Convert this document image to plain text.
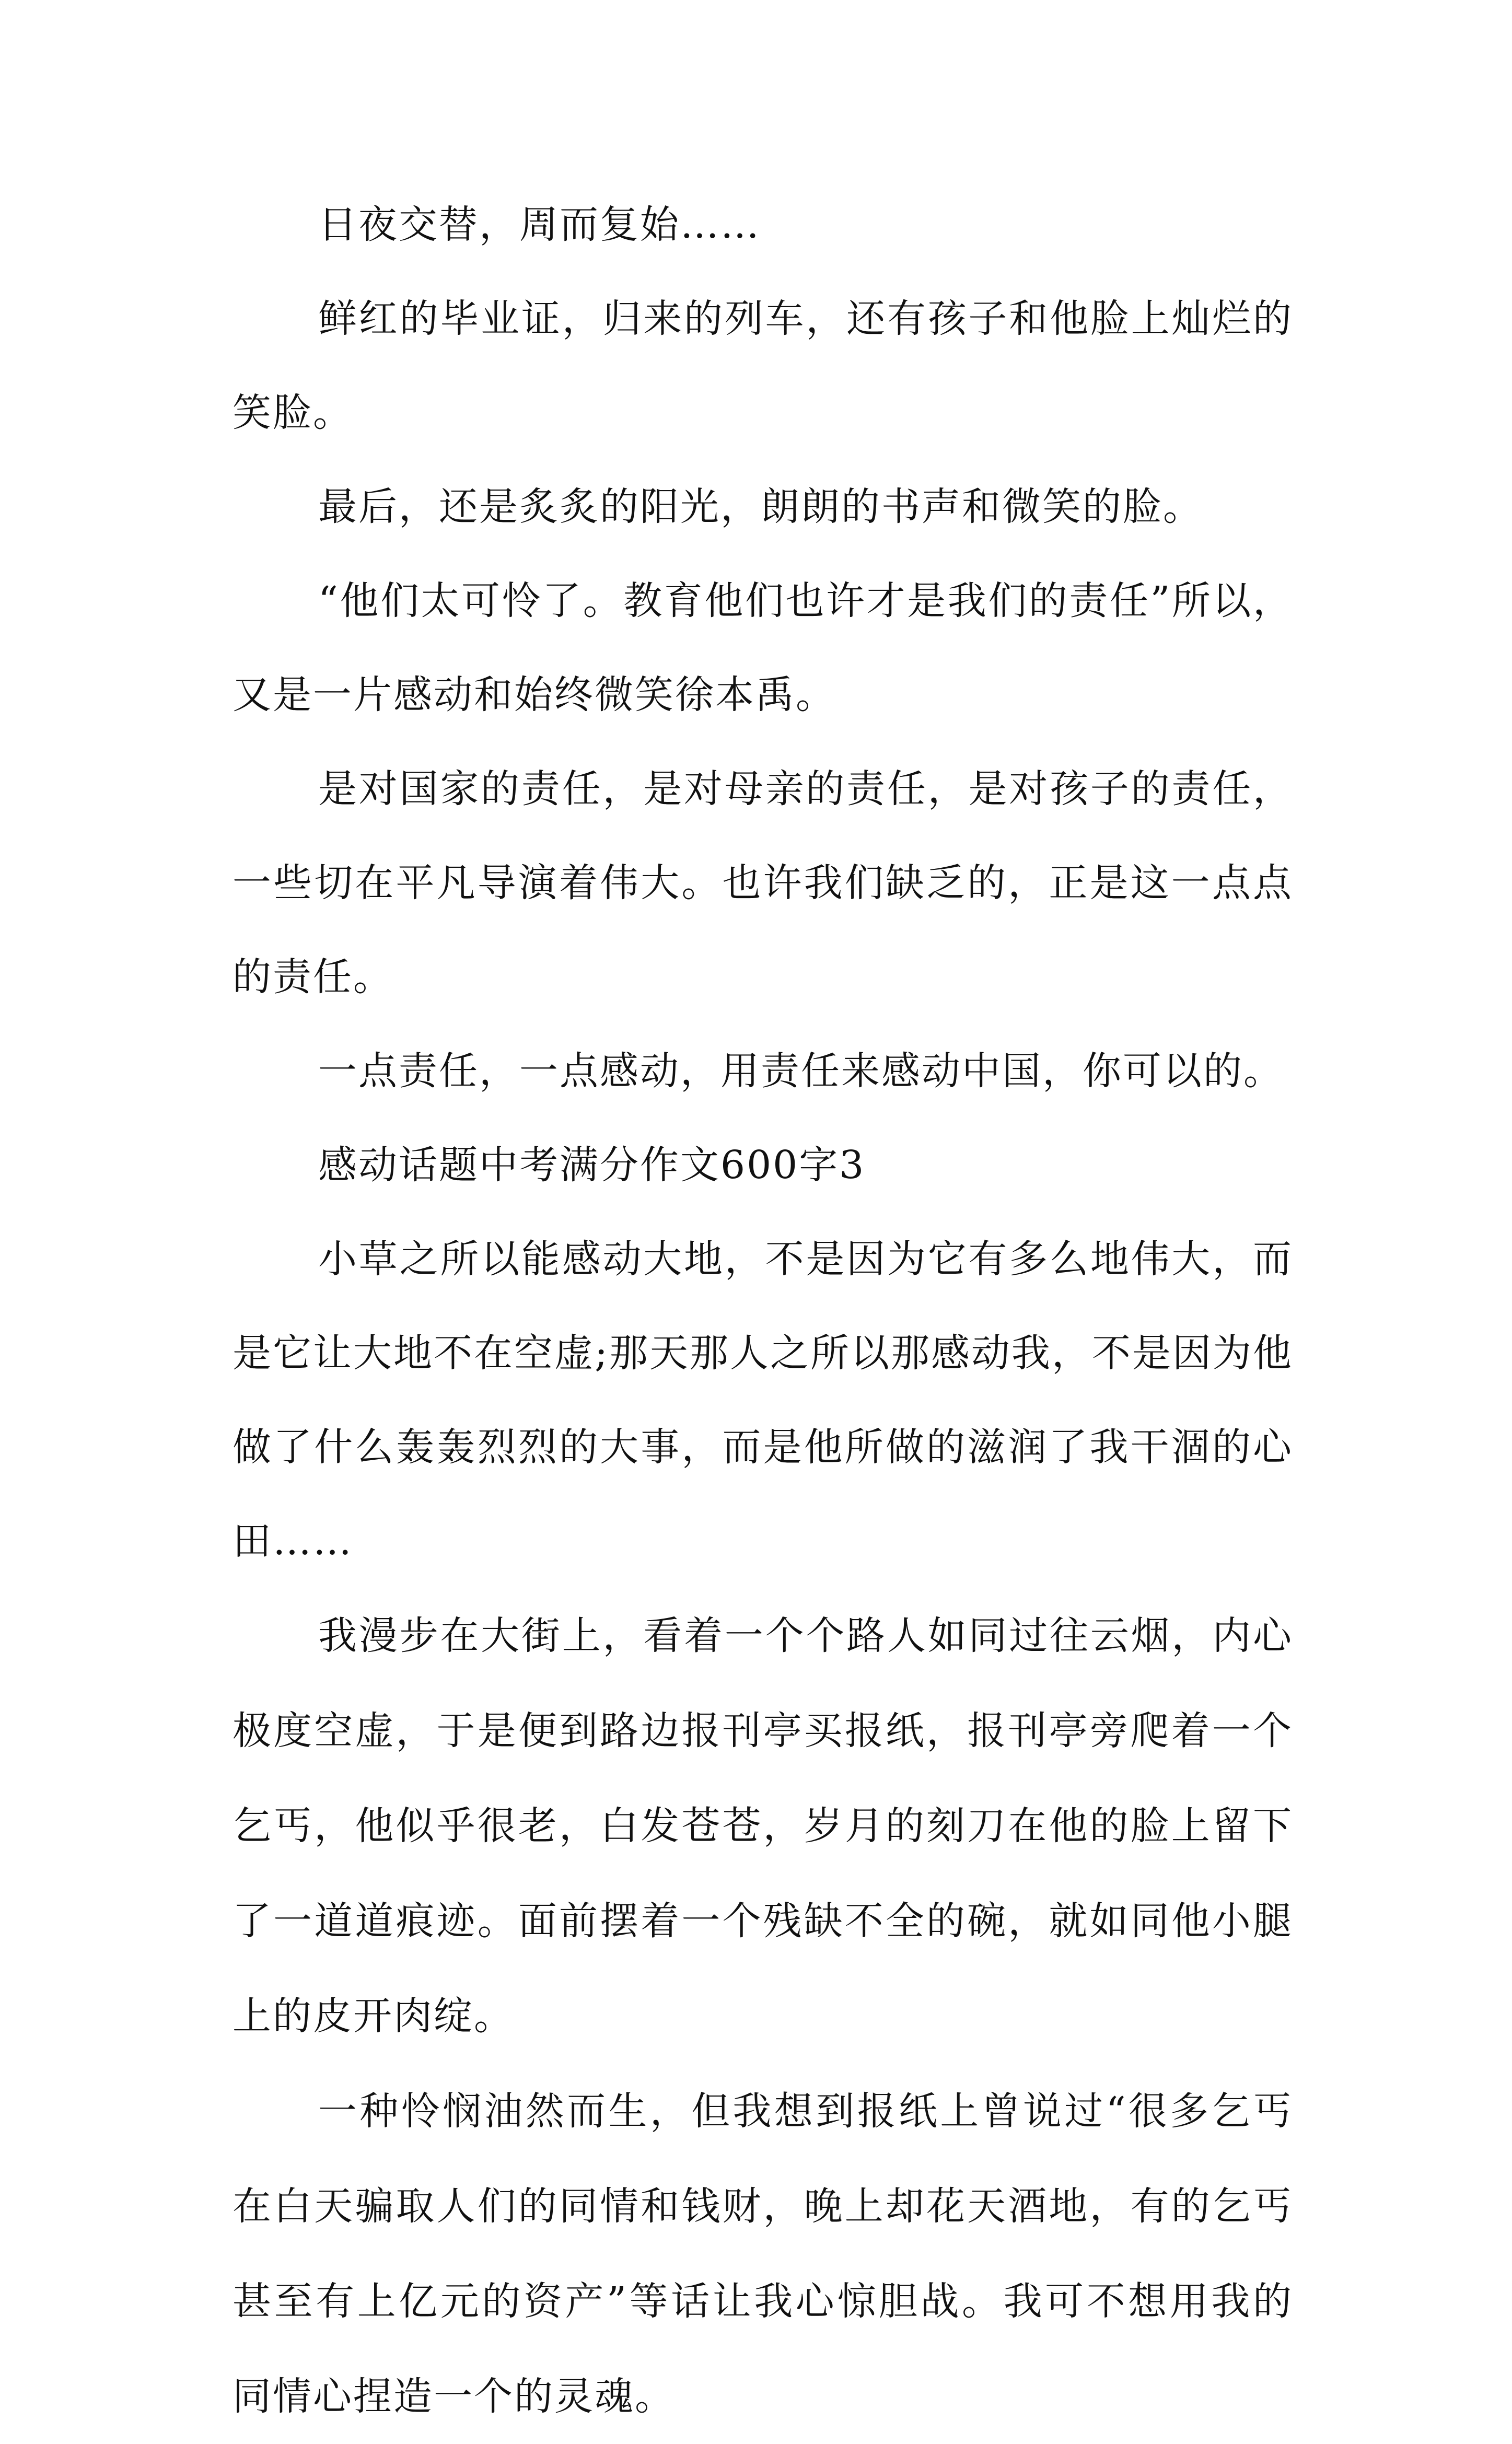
日夜交替，周而复始……

鲜红的毕业证，归来的列车，还有孩子和他脸上灿烂的笑脸。

最后，还是炙炙的阳光，朗朗的书声和微笑的脸。

“他们太可怜了。教育他们也许才是我们的责任”所以，又是一片感动和始终微笑徐本禹。

是对国家的责任，是对母亲的责任，是对孩子的责任，一些切在平凡导演着伟大。也许我们缺乏的，正是这一点点的责任。

一点责任，一点感动，用责任来感动中国，你可以的。

感动话题中考满分作文600字3

小草之所以能感动大地，不是因为它有多么地伟大，而是它让大地不在空虚;那天那人之所以那感动我，不是因为他做了什么轰轰烈烈的大事，而是他所做的滋润了我干涸的心田……

我漫步在大街上，看着一个个路人如同过往云烟，内心极度空虚，于是便到路边报刊亭买报纸，报刊亭旁爬着一个乞丐，他似乎很老，白发苍苍，岁月的刻刀在他的脸上留下了一道道痕迹。面前摆着一个残缺不全的碗，就如同他小腿上的皮开肉绽。

一种怜悯油然而生，但我想到报纸上曾说过“很多乞丐在白天骗取人们的同情和钱财，晚上却花天酒地，有的乞丐甚至有上亿元的资产”等话让我心惊胆战。我可不想用我的同情心捏造一个的灵魂。
